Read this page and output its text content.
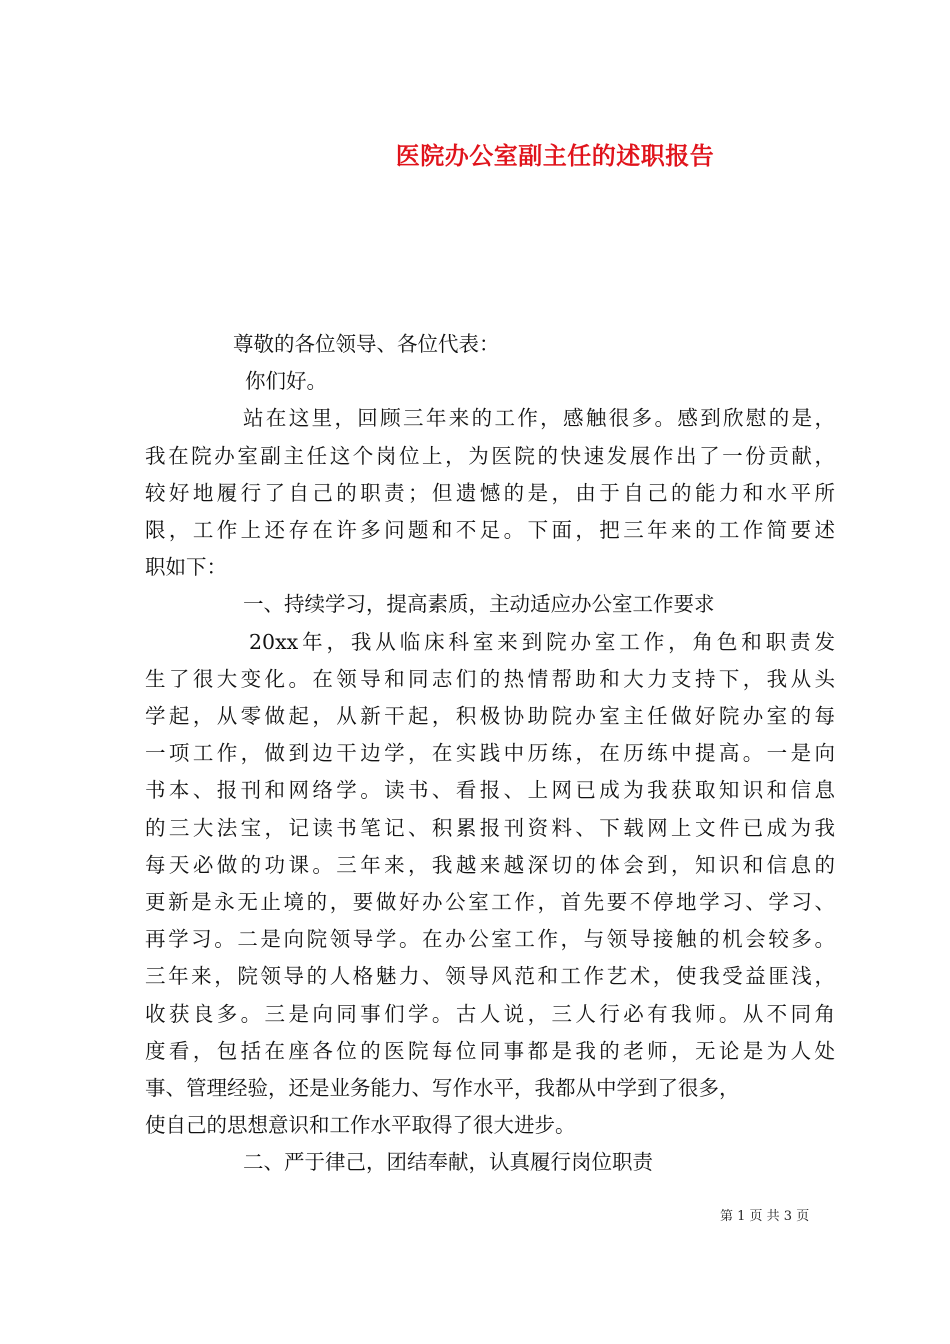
医院办公室副主任的述职报告
尊敬的各位领导、各位代表：
你们好。
站在这里，回顾三年来的工作，感触很多。感到欣慰的是，
我在院办室副主任这个岗位上，为医院的快速发展作出了一份贡献，
较好地履行了自己的职责；但遗憾的是，由于自己的能力和水平所
限，工作上还存在许多问题和不足。下面，把三年来的工作简要述
职如下：
一、持续学习，提高素质，主动适应办公室工作要求
20xx年，我从临床科室来到院办室工作，角色和职责发
生了很大变化。在领导和同志们的热情帮助和大力支持下，我从头
学起，从零做起，从新干起，积极协助院办室主任做好院办室的每
一项工作，做到边干边学，在实践中历练，在历练中提高。一是向
书本、报刊和网络学。读书、看报、上网已成为我获取知识和信息
的三大法宝，记读书笔记、积累报刊资料、下载网上文件已成为我
每天必做的功课。三年来，我越来越深切的体会到，知识和信息的
更新是永无止境的，要做好办公室工作，首先要不停地学习、学习、
再学习。二是向院领导学。在办公室工作，与领导接触的机会较多。
三年来，院领导的人格魅力、领导风范和工作艺术，使我受益匪浅，
收获良多。三是向同事们学。古人说，三人行必有我师。从不同角
度看，包括在座各位的医院每位同事都是我的老师，无论是为人处
事、管理经验，还是业务能力、写作水平，我都从中学到了很多，
使自己的思想意识和工作水平取得了很大进步。
二、严于律己，团结奉献，认真履行岗位职责
第 1 页 共 3 页
